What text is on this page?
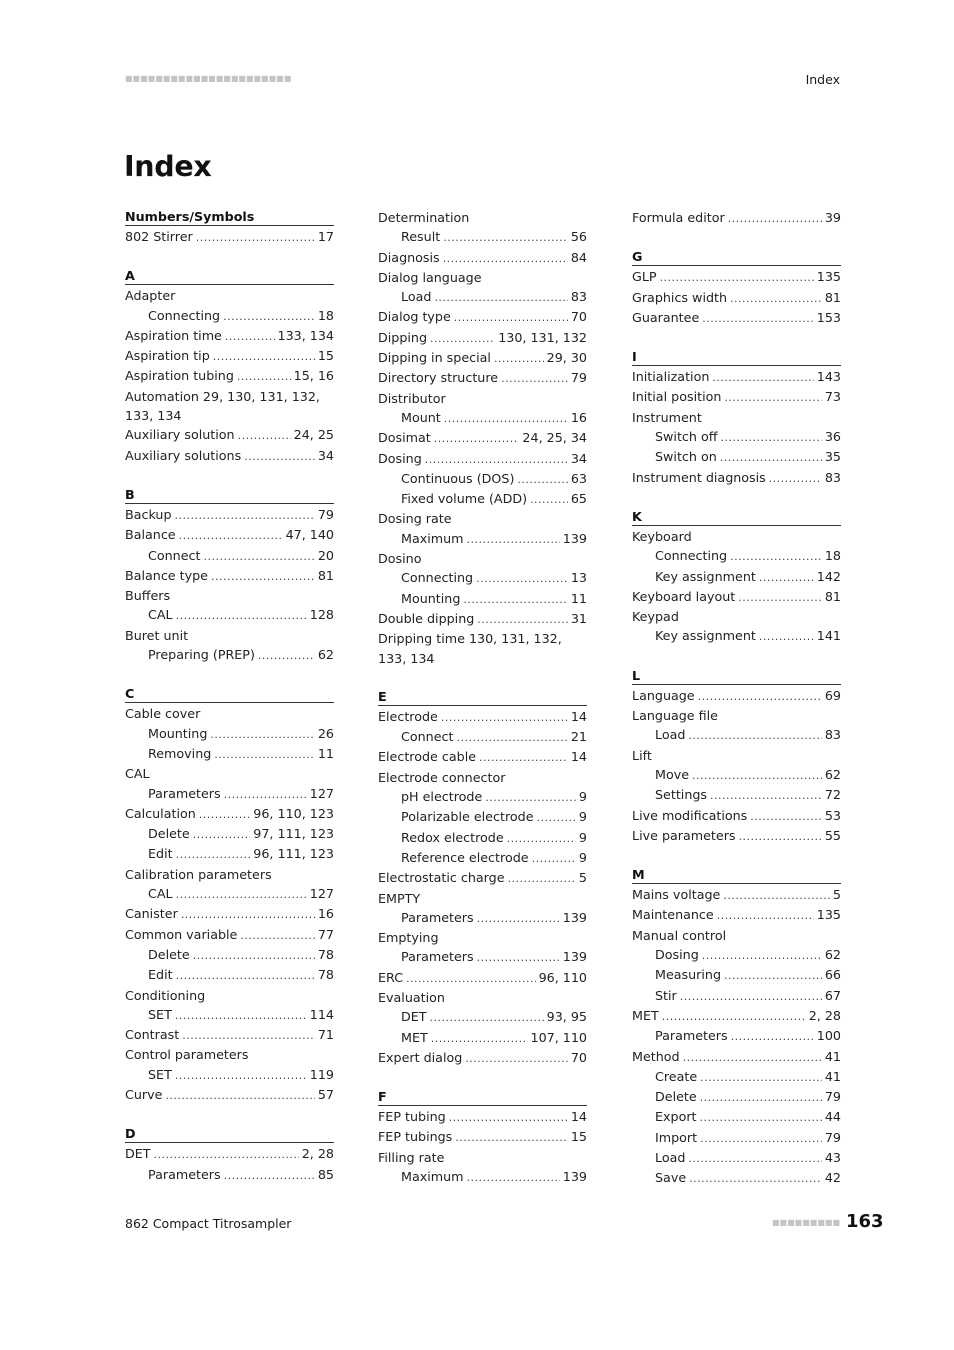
■■■■■■■■■■■■■■■■■■■■■■	Index
Index
Numbers/Symbols
802 Stirrer .....	17
A
Adapter
Connecting .....	18
Aspiration time .....	133, 134
Aspiration tip .....	15
Aspiration tubing .....	15, 16
Automation 29, 130, 131, 132, 133, 134
Auxiliary solution .....	24, 25
Auxiliary solutions .....	34
B
Backup .....	79
Balance .....	47, 140
Connect .....	20
Balance type .....	81
Buffers
CAL .....	128
Buret unit
Preparing (PREP) .....	62
C
Cable cover
Mounting .....	26
Removing .....	11
CAL
Parameters .....	127
Calculation .....	96, 110, 123
Delete .....	97, 111, 123
Edit .....	96, 111, 123
Calibration parameters
CAL .....	127
Canister .....	16
Common variable .....	77
Delete .....	78
Edit .....	78
Conditioning
SET .....	114
Contrast .....	71
Control parameters
SET .....	119
Curve .....	57
D
DET .....	2, 28
Parameters .....	85
Determination
Result .....	56
Diagnosis .....	84
Dialog language
Load .....	83
Dialog type .....	70
Dipping .....	130, 131, 132
Dipping in special .....	29, 30
Directory structure .....	79
Distributor
Mount .....	16
Dosimat .....	24, 25, 34
Dosing .....	34
Continuous (DOS) .....	63
Fixed volume (ADD) .....	65
Dosing rate
Maximum .....	139
Dosino
Connecting .....	13
Mounting .....	11
Double dipping .....	31
Dripping time 130, 131, 132, 133, 134
E
Electrode .....	14
Connect .....	21
Electrode cable .....	14
Electrode connector
pH electrode .....	9
Polarizable electrode .....	9
Redox electrode .....	9
Reference electrode .....	9
Electrostatic charge .....	5
EMPTY
Parameters .....	139
Emptying
Parameters .....	139
ERC .....	96, 110
Evaluation
DET .....	93, 95
MET .....	107, 110
Expert dialog .....	70
F
FEP tubing .....	14
FEP tubings .....	15
Filling rate
Maximum .....	139
Formula editor .....	39
G
GLP .....	135
Graphics width .....	81
Guarantee .....	153
I
Initialization .....	143
Initial position .....	73
Instrument
Switch off .....	36
Switch on .....	35
Instrument diagnosis .....	83
K
Keyboard
Connecting .....	18
Key assignment .....	142
Keyboard layout .....	81
Keypad
Key assignment .....	141
L
Language .....	69
Language file
Load .....	83
Lift
Move .....	62
Settings .....	72
Live modifications .....	53
Live parameters .....	55
M
Mains voltage .....	5
Maintenance .....	135
Manual control
Dosing .....	62
Measuring .....	66
Stir .....	67
MET .....	2, 28
Parameters .....	100
Method .....	41
Create .....	41
Delete .....	79
Export .....	44
Import .....	79
Load .....	43
Save .....	42
862 Compact Titrosampler	■■■■■■■■■ 163
